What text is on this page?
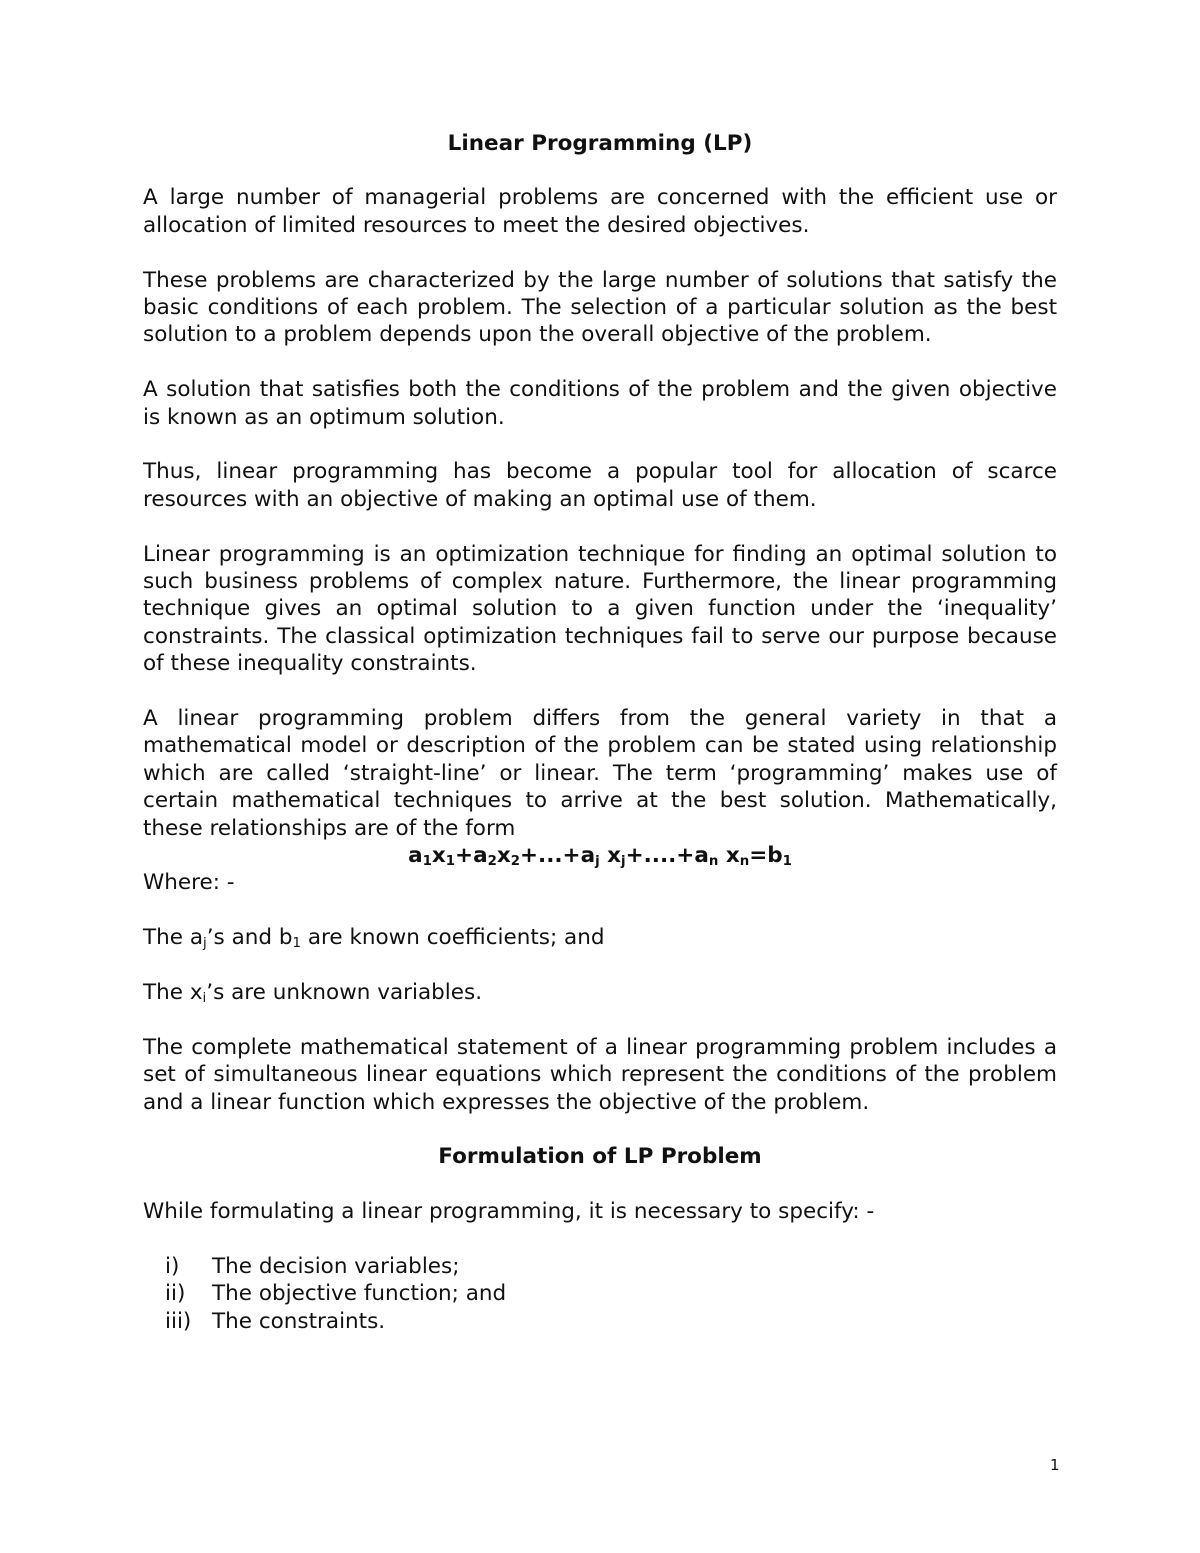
Linear Programming (LP)

A large number of managerial problems are concerned with the efficient use or allocation of limited resources to meet the desired objectives.

These problems are characterized by the large number of solutions that satisfy the basic conditions of each problem. The selection of a particular solution as the best solution to a problem depends upon the overall objective of the problem.

A solution that satisfies both the conditions of the problem and the given objective is known as an optimum solution.

Thus, linear programming has become a popular tool for allocation of scarce resources with an objective of making an optimal use of them.

Linear programming is an optimization technique for finding an optimal solution to such business problems of complex nature. Furthermore, the linear programming technique gives an optimal solution to a given function under the ‘inequality’ constraints. The classical optimization techniques fail to serve our purpose because of these inequality constraints.

A linear programming problem differs from the general variety in that a mathematical model or description of the problem can be stated using relationship which are called ‘straight-line’ or linear. The term ‘programming’ makes use of certain mathematical techniques to arrive at the best solution. Mathematically, these relationships are of the form

$a_1x_1+a_2x_2+...+a_j$ $x_j+....+a_n$ $x_n=b_1$

Where: -

The $a_j’s$ and $b_1$ are known coefficients; and

The $x_i’s$ are unknown variables.

The complete mathematical statement of a linear programming problem includes a set of simultaneous linear equations which represent the conditions of the problem and a linear function which expresses the objective of the problem.

Formulation of LP Problem

While formulating a linear programming, it is necessary to specify: -

i)	The decision variables;
ii)	The objective function; and
iii) The constraints.
1
